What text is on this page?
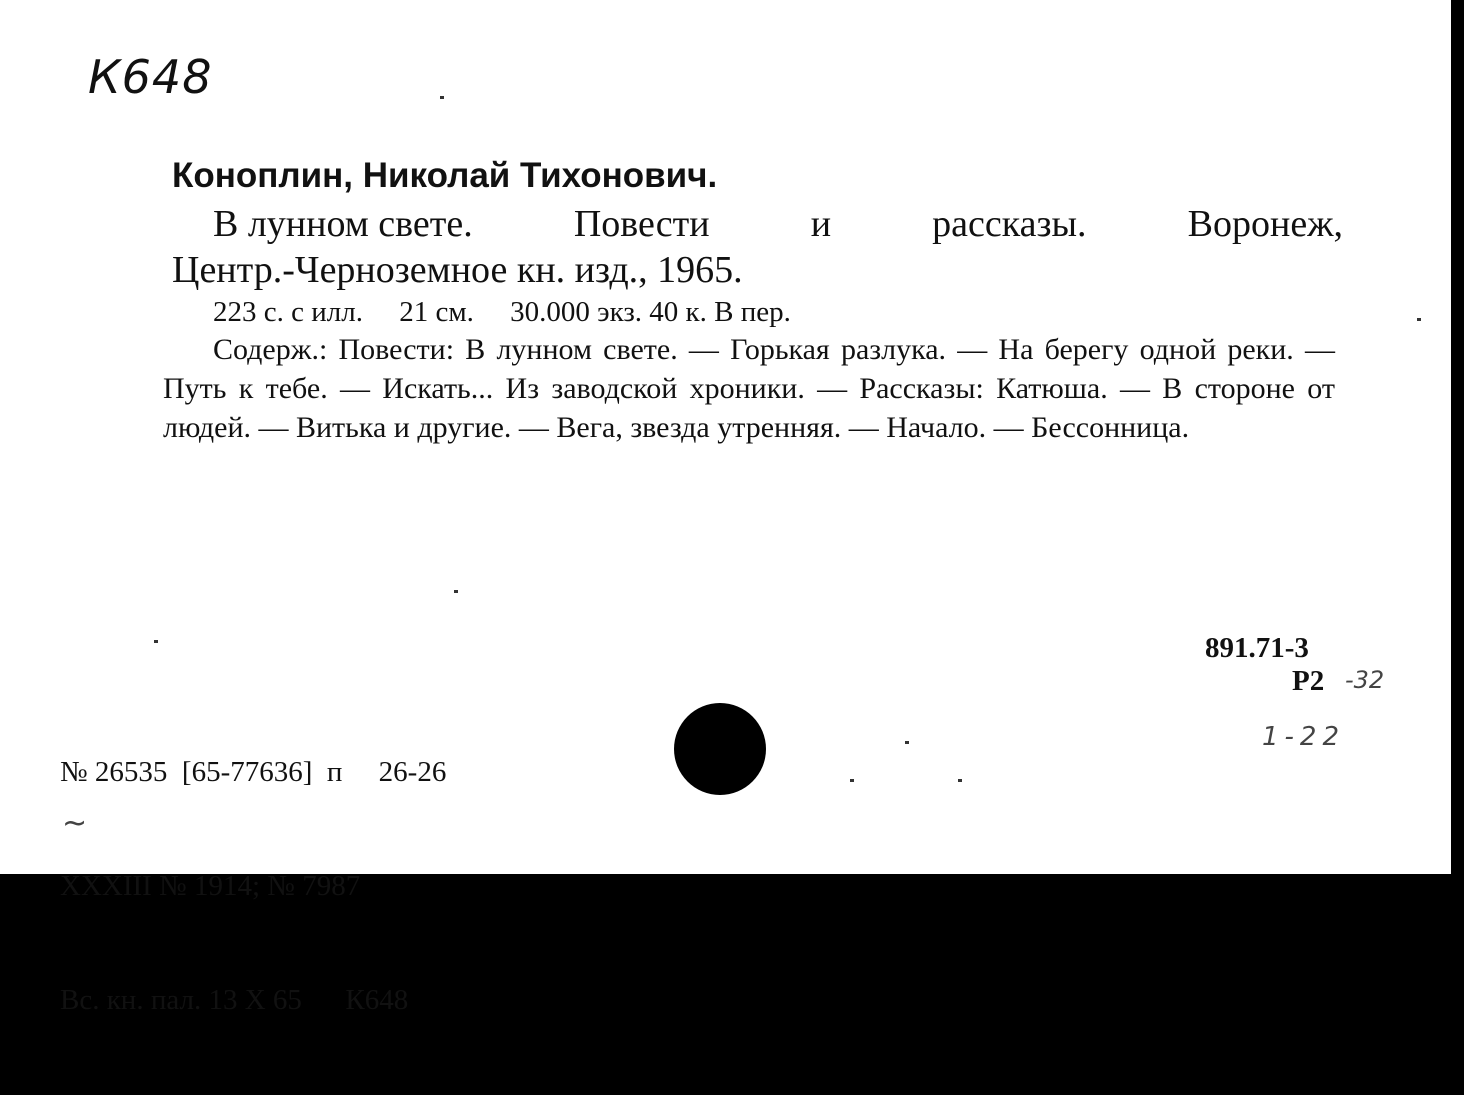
К648
Коноплин, Николай Тихонович.
В лунном свете.	Повести	и	рассказы.	Воронеж,
Центр.-Черноземное кн. изд., 1965.
223 с. с илл.     21 см.     30.000 экз. 40 к. В пер.

Содерж.: Повести: В лунном свете. — Горькая разлука. — На берегу одной реки. — Путь к тебе. — Искать... Из заводской хроники. — Рассказы: Катюша. — В стороне от людей. — Витька и другие. — Вега, звезда утренняя. — Начало. — Бессонница.

891.71-3
Р2 -32
1-22

№ 26535  [65-77636]  п     26-26

XXXIII № 1914; № 7987

Вс. кн. пал. 13 X 65      К648

~
